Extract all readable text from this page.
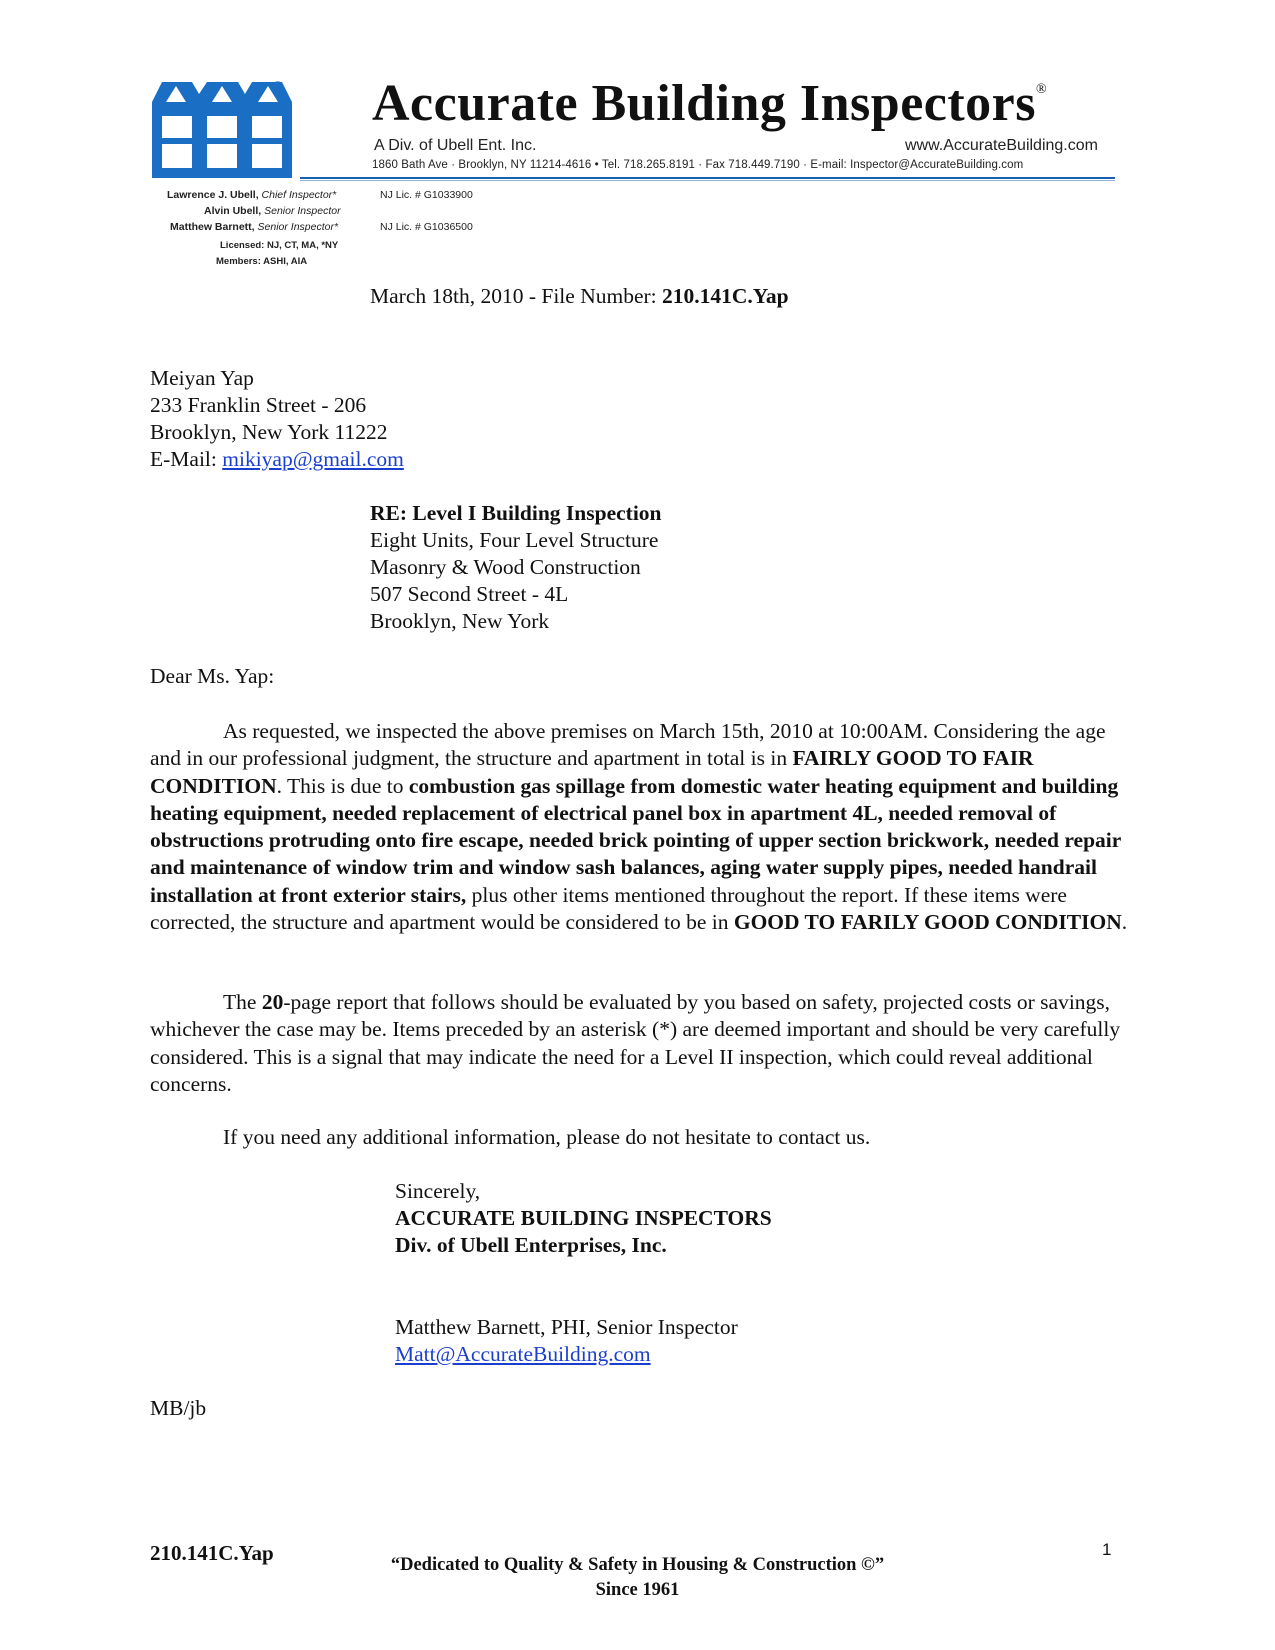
® Accurate Building Inspectors®
A Div. of Ubell Ent. Inc.	www.AccurateBuilding.com
1860 Bath Ave · Brooklyn, NY 11214-4616 • Tel. 718.265.8191 · Fax 718.449.7190 · E-mail: Inspector@AccurateBuilding.com
Lawrence J. Ubell, Chief Inspector*	NJ Lic. # G1033900
Alvin Ubell, Senior Inspector
Matthew Barnett, Senior Inspector*	NJ Lic. # G1036500
Licensed: NJ, CT, MA, *NY
Members: ASHI, AIA
March 18th, 2010 - File Number: 210.141C.Yap
Meiyan Yap
233 Franklin Street - 206
Brooklyn, New York 11222
E-Mail: mikiyap@gmail.com
RE: Level I Building Inspection
Eight Units, Four Level Structure
Masonry & Wood Construction
507 Second Street - 4L
Brooklyn, New York
Dear Ms. Yap:
As requested, we inspected the above premises on March 15th, 2010 at 10:00AM. Considering the age and in our professional judgment, the structure and apartment in total is in FAIRLY GOOD TO FAIR CONDITION. This is due to combustion gas spillage from domestic water heating equipment and building heating equipment, needed replacement of electrical panel box in apartment 4L, needed removal of obstructions protruding onto fire escape, needed brick pointing of upper section brickwork, needed repair and maintenance of window trim and window sash balances, aging water supply pipes, needed handrail installation at front exterior stairs, plus other items mentioned throughout the report. If these items were corrected, the structure and apartment would be considered to be in GOOD TO FARILY GOOD CONDITION.
The 20-page report that follows should be evaluated by you based on safety, projected costs or savings, whichever the case may be. Items preceded by an asterisk (*) are deemed important and should be very carefully considered. This is a signal that may indicate the need for a Level II inspection, which could reveal additional concerns.
If you need any additional information, please do not hesitate to contact us.
Sincerely,
ACCURATE BUILDING INSPECTORS
Div. of Ubell Enterprises, Inc.
Matthew Barnett, PHI, Senior Inspector
Matt@AccurateBuilding.com
MB/jb
210.141C.Yap	1
“Dedicated to Quality & Safety in Housing & Construction ©”
Since 1961
